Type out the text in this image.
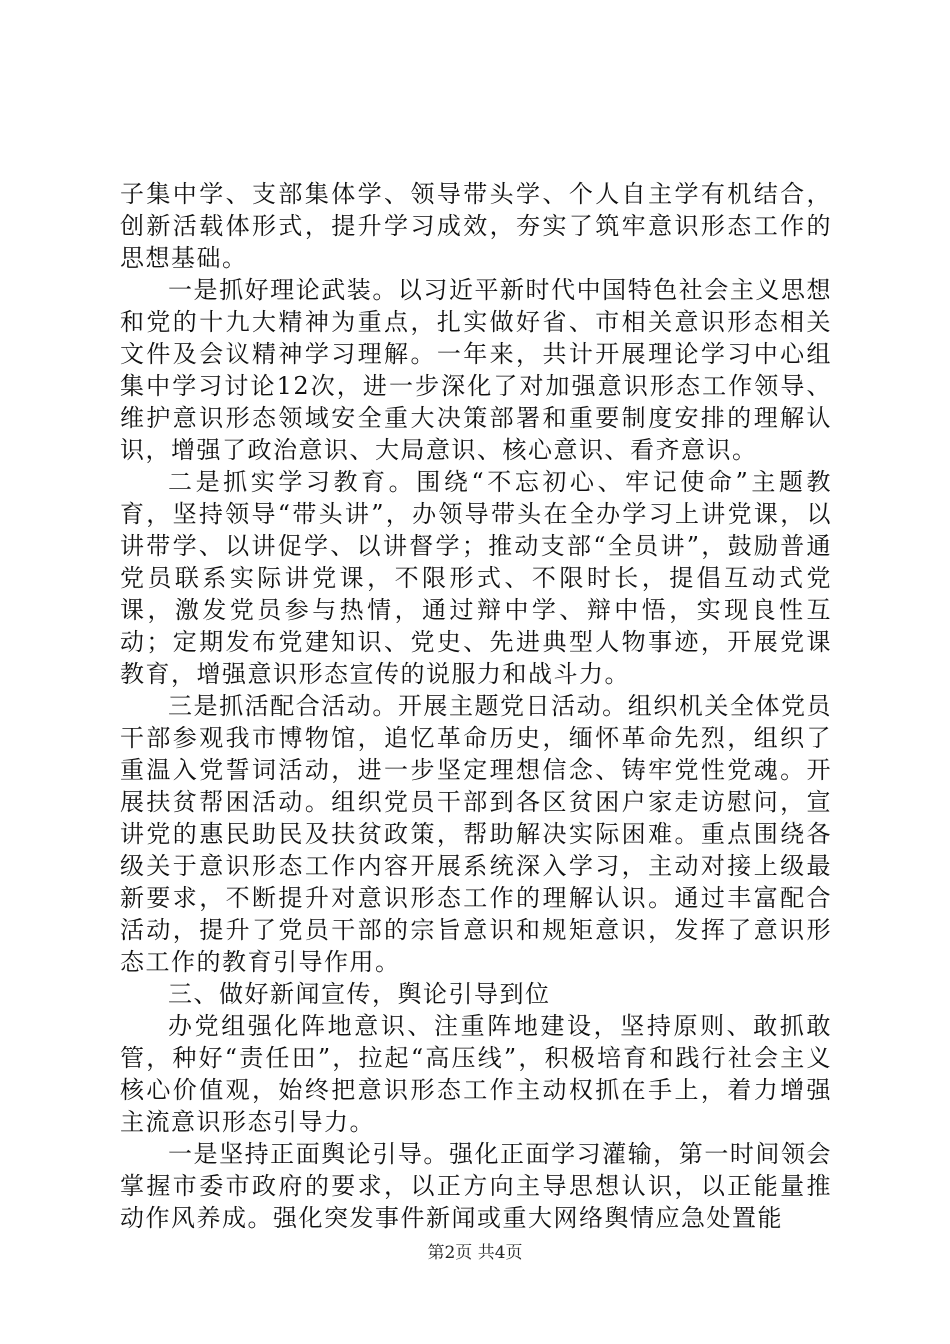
子集中学、支部集体学、领导带头学、个人自主学有机结合，创新活载体形式，提升学习成效，夯实了筑牢意识形态工作的思想基础。

一是抓好理论武装。以习近平新时代中国特色社会主义思想和党的十九大精神为重点，扎实做好省、市相关意识形态相关文件及会议精神学习理解。一年来，共计开展理论学习中心组集中学习讨论12次，进一步深化了对加强意识形态工作领导、维护意识形态领域安全重大决策部署和重要制度安排的理解认识，增强了政治意识、大局意识、核心意识、看齐意识。

二是抓实学习教育。围绕“不忘初心、牢记使命”主题教育，坚持领导“带头讲”，办领导带头在全办学习上讲党课，以讲带学、以讲促学、以讲督学；推动支部“全员讲”，鼓励普通党员联系实际讲党课，不限形式、不限时长，提倡互动式党课，激发党员参与热情，通过辩中学、辩中悟，实现良性互动；定期发布党建知识、党史、先进典型人物事迹，开展党课教育，增强意识形态宣传的说服力和战斗力。

三是抓活配合活动。开展主题党日活动。组织机关全体党员干部参观我市博物馆，追忆革命历史，缅怀革命先烈，组织了重温入党誓词活动，进一步坚定理想信念、铸牢党性党魂。开展扶贫帮困活动。组织党员干部到各区贫困户家走访慰问，宣讲党的惠民助民及扶贫政策，帮助解决实际困难。重点围绕各级关于意识形态工作内容开展系统深入学习，主动对接上级最新要求，不断提升对意识形态工作的理解认识。通过丰富配合活动，提升了党员干部的宗旨意识和规矩意识，发挥了意识形态工作的教育引导作用。

三、做好新闻宣传，舆论引导到位

办党组强化阵地意识、注重阵地建设，坚持原则、敢抓敢管，种好“责任田”，拉起“高压线”，积极培育和践行社会主义核心价值观，始终把意识形态工作主动权抓在手上，着力增强主流意识形态引导力。

一是坚持正面舆论引导。强化正面学习灌输，第一时间领会掌握市委市政府的要求，以正方向主导思想认识，以正能量推动作风养成。强化突发事件新闻或重大网络舆情应急处置能

第2页 共4页
